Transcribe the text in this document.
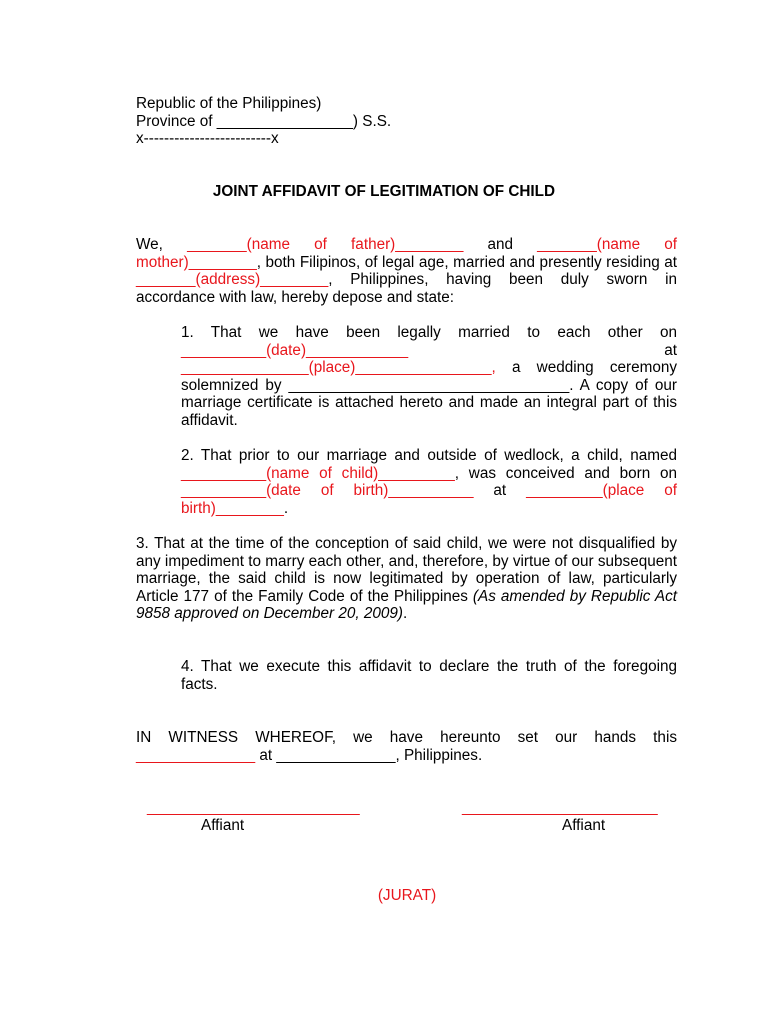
Republic of the Philippines)
Province of ________________) S.S.
x-------------------------x
JOINT AFFIDAVIT OF LEGITIMATION OF CHILD
We, _______(name of father)________ and _______(name of mother)________, both Filipinos, of legal age, married and presently residing at _______(address)________, Philippines, having been duly sworn in accordance with law, hereby depose and state:
1. That we have been legally married to each other on __________(date)____________ at _______________(place)________________, a wedding ceremony solemnized by _________________________________. A copy of our marriage certificate is attached hereto and made an integral part of this affidavit.
2. That prior to our marriage and outside of wedlock, a child, named __________(name of child)_________, was conceived and born on __________(date of birth)__________ at _________(place of birth)________.
3. That at the time of the conception of said child, we were not disqualified by any impediment to marry each other, and, therefore, by virtue of our subsequent marriage, the said child is now legitimated by operation of law, particularly Article 177 of the Family Code of the Philippines (As amended by Republic Act 9858 approved on December 20, 2009).
4. That we execute this affidavit to declare the truth of the foregoing facts.
IN WITNESS WHEREOF, we have hereunto set our hands this ______________ at ______________, Philippines.
_________________________	_______________________
Affiant	Affiant
(JURAT)
